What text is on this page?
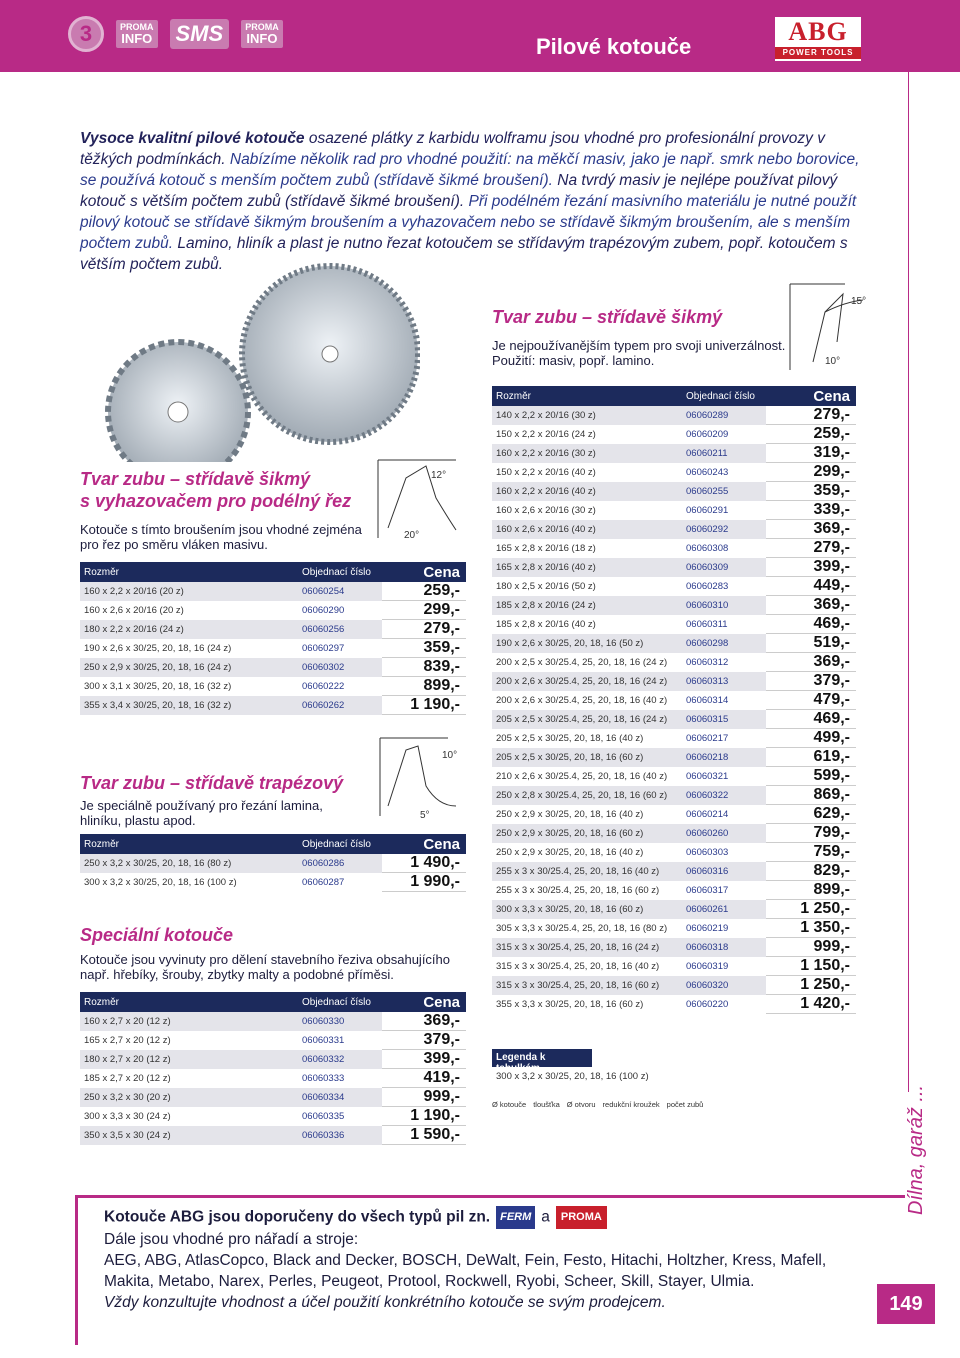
3	PROMA
INFO SMS	PROMA
INFO	Pilové kotouče
ABG
POWER TOOLS
Vysoce kvalitní pilové kotouče osazené plátky z karbidu wolframu jsou vhodné pro profesionální provozy v těžkých podmínkách. Nabízíme několik rad pro vhodné použití: na měkčí masiv, jako je např. smrk nebo borovice, se používá kotouč s menším počtem zubů (střídavě šikmé broušení). Na tvrdý masiv je nejlépe používat pilový kotouč s větším počtem zubů (střídavě šikmé broušení). Při podélném řezání masivního materiálu je nutné použít pilový kotouč se střídavě šikmým broušením a vyhazovačem nebo se střídavě šikmým broušením, ale s menším počtem zubů. Lamino, hliník a plast je nutno řezat kotoučem se střídavým trapézovým zubem, popř. kotoučem s větším počtem zubů.
Tvar zubu – střídavě šikmý
Je nejpoužívanějším typem pro svoji univerzálnost.
Použití: masiv, popř. lamino.
15°
10°
Rozměr	Objednací číslo	Cena
140 x 2,2 x 20/16 (30 z)	06060289	279,-
150 x 2,2 x 20/16 (24 z)	06060209	259,-
160 x 2,2 x 20/16 (30 z)	06060211	319,-
150 x 2,2 x 20/16 (40 z)	06060243	299,-
160 x 2,2 x 20/16 (40 z)	06060255	359,-
160 x 2,6 x 20/16 (30 z)	06060291	339,-
160 x 2,6 x 20/16 (40 z)	06060292	369,-
165 x 2,8 x 20/16 (18 z)	06060308	279,-
165 x 2,8 x 20/16 (40 z)	06060309	399,-
180 x 2,5 x 20/16 (50 z)	06060283	449,-
185 x 2,8 x 20/16 (24 z)	06060310	369,-
185 x 2,8 x 20/16 (40 z)	06060311	469,-
190 x 2,6 x 30/25, 20, 18, 16 (50 z)	06060298	519,-
200 x 2,5 x 30/25.4, 25, 20, 18, 16 (24 z)	06060312	369,-
200 x 2,6 x 30/25.4, 25, 20, 18, 16 (24 z)	06060313	379,-
200 x 2,6 x 30/25.4, 25, 20, 18, 16 (40 z)	06060314	479,-
205 x 2,5 x 30/25.4, 25, 20, 18, 16 (24 z)	06060315	469,-
205 x 2,5 x 30/25, 20, 18, 16 (40 z)	06060217	499,-
205 x 2,5 x 30/25, 20, 18, 16 (60 z)	06060218	619,-
210 x 2,6 x 30/25.4, 25, 20, 18, 16 (40 z)	06060321	599,-
250 x 2,8 x 30/25.4, 25, 20, 18, 16 (60 z)	06060322	869,-
250 x 2,9 x 30/25, 20, 18, 16 (40 z)	06060214	629,-
250 x 2,9 x 30/25, 20, 18, 16 (60 z)	06060260	799,-
250 x 2,9 x 30/25, 20, 18, 16 (40 z)	06060303	759,-
255 x 3 x 30/25.4, 25, 20, 18, 16 (40 z)	06060316	829,-
255 x 3 x 30/25.4, 25, 20, 18, 16 (60 z)	06060317	899,-
300 x 3,3 x 30/25, 20, 18, 16 (60 z)	06060261	1 250,-
305 x 3,3 x 30/25.4, 25, 20, 18, 16 (80 z)	06060219	1 350,-
315 x 3 x 30/25.4, 25, 20, 18, 16 (24 z)	06060318	999,-
315 x 3 x 30/25.4, 25, 20, 18, 16 (40 z)	06060319	1 150,-
315 x 3 x 30/25.4, 25, 20, 18, 16 (60 z)	06060320	1 250,-
355 x 3,3 x 30/25, 20, 18, 16 (60 z)	06060220	1 420,-
Tvar zubu – střídavě šikmý
s vyhazovačem pro podélný řez
Kotouče s tímto broušením jsou vhodné zejména
pro řez po směru vláken masivu.
12°
20°
Rozměr	Objednací číslo	Cena
160 x 2,2 x 20/16 (20 z)	06060254	259,-
160 x 2,6 x 20/16 (20 z)	06060290	299,-
180 x 2,2 x 20/16 (24 z)	06060256	279,-
190 x 2,6 x 30/25, 20, 18, 16 (24 z)	06060297	359,-
250 x 2,9 x 30/25, 20, 18, 16 (24 z)	06060302	839,-
300 x 3,1 x 30/25, 20, 18, 16 (32 z)	06060222	899,-
355 x 3,4 x 30/25, 20, 18, 16 (32 z)	06060262	1 190,-
Tvar zubu – střídavě trapézový
Je speciálně používaný pro řezání lamina,
hliníku, plastu apod.
10°
5°
Rozměr	Objednací číslo	Cena
250 x 3,2 x 30/25, 20, 18, 16 (80 z)	06060286	1 490,-
300 x 3,2 x 30/25, 20, 18, 16 (100 z)	06060287	1 990,-
Speciální kotouče
Kotouče jsou vyvinuty pro dělení stavebního řeziva obsahujícího
např. hřebíky, šrouby, zbytky malty a podobné příměsi.
Rozměr	Objednací číslo	Cena
160 x 2,7 x 20 (12 z)	06060330	369,-
165 x 2,7 x 20 (12 z)	06060331	379,-
180 x 2,7 x 20 (12 z)	06060332	399,-
185 x 2,7 x 20 (12 z)	06060333	419,-
250 x 3,2 x 30 (20 z)	06060334	999,-
300 x 3,3 x 30 (24 z)	06060335	1 190,-
350 x 3,5 x 30 (24 z)	06060336	1 590,-
Legenda k tabulkám
300 x 3,2 x 30/25, 20, 18, 16 (100 z)
Ø kotouče tloušťka Ø otvoru redukční kroužek počet zubů
Kotouče ABG jsou doporučeny do všech typů pil zn. FERM a PROMA
Dále jsou vhodné pro nářadí a stroje:
AEG, ABG, AtlasCopco, Black and Decker, BOSCH, DeWalt, Fein, Festo, Hitachi, Holtzher, Kress, Mafell,
Makita, Metabo, Narex, Perles, Peugeot, Protool, Rockwell, Ryobi, Scheer, Skill, Stayer, Ulmia.
Vždy konzultujte vhodnost a účel použití konkrétního kotouče se svým prodejcem.
Dílna, garáž ...
149
